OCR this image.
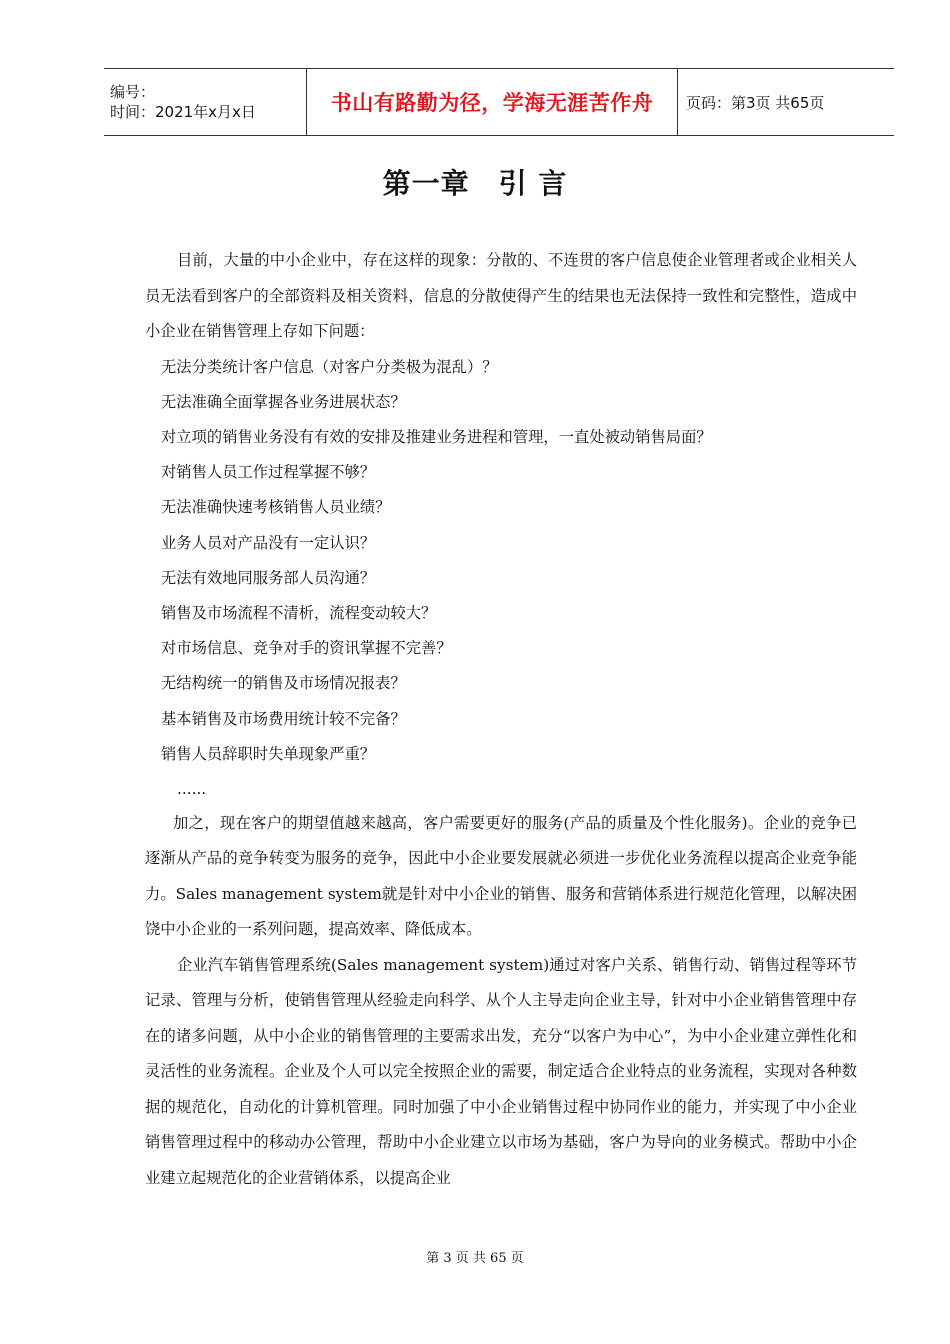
编号：
时间：2021年x月x日	书山有路勤为径，学海无涯苦作舟 页码：第3页 共65页
第一章　引 言

目前，大量的中小企业中，存在这样的现象：分散的、不连贯的客户信息使企业管理者或企业相关人员无法看到客户的全部资料及相关资料，信息的分散使得产生的结果也无法保持一致性和完整性，造成中小企业在销售管理上存如下问题：

无法分类统计客户信息（对客户分类极为混乱）？
无法准确全面掌握各业务进展状态？
对立项的销售业务没有有效的安排及推建业务进程和管理，一直处被动销售局面？
对销售人员工作过程掌握不够？
无法准确快速考核销售人员业绩？
业务人员对产品没有一定认识？
无法有效地同服务部人员沟通？
销售及市场流程不清析，流程变动较大？
对市场信息、竞争对手的资讯掌握不完善？
无结构统一的销售及市场情况报表？
基本销售及市场费用统计较不完备？
销售人员辞职时失单现象严重？
......

加之，现在客户的期望值越来越高，客户需要更好的服务(产品的质量及个性化服务)。企业的竞争已逐渐从产品的竞争转变为服务的竞争，因此中小企业要发展就必须进一步优化业务流程以提高企业竞争能力。Sales management system就是针对中小企业的销售、服务和营销体系进行规范化管理，以解决困饶中小企业的一系列问题，提高效率、降低成本。

企业汽车销售管理系统(Sales management system)通过对客户关系、销售行动、销售过程等环节记录、管理与分析，使销售管理从经验走向科学、从个人主导走向企业主导，针对中小企业销售管理中存在的诸多问题，从中小企业的销售管理的主要需求出发，充分“以客户为中心”，为中小企业建立弹性化和灵活性的业务流程。企业及个人可以完全按照企业的需要，制定适合企业特点的业务流程，实现对各种数据的规范化，自动化的计算机管理。同时加强了中小企业销售过程中协同作业的能力，并实现了中小企业销售管理过程中的移动办公管理，帮助中小企业建立以市场为基础，客户为导向的业务模式。帮助中小企业建立起规范化的企业营销体系，以提高企业

第 3 页 共 65 页
